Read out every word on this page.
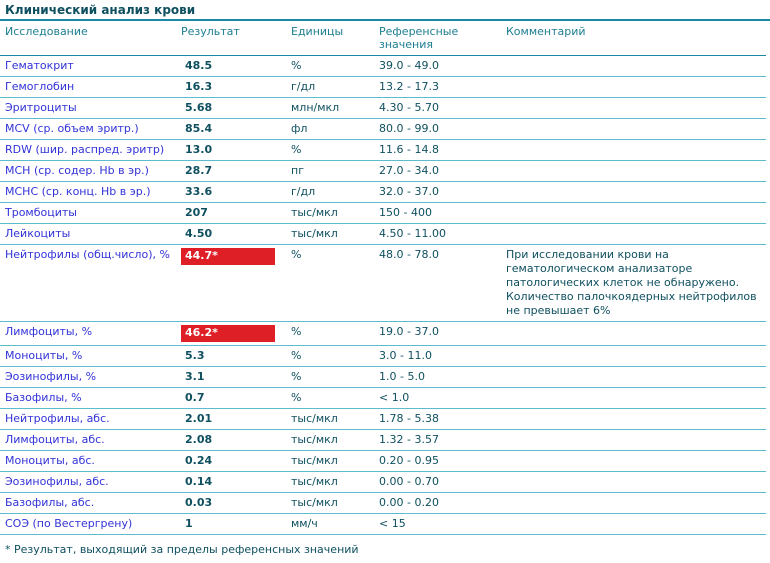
Клинический анализ крови
Исследование	Результат	Единицы	Референсные значения	Комментарий
Гематокрит	48.5	%	39.0 - 49.0	
Гемоглобин	16.3	г/дл	13.2 - 17.3	
Эритроциты	5.68	млн/мкл	4.30 - 5.70	
MCV (ср. объем эритр.)	85.4	фл	80.0 - 99.0	
RDW (шир. распред. эритр)	13.0	%	11.6 - 14.8	
MCH (ср. содер. Hb в эр.)	28.7	пг	27.0 - 34.0	
MCHC (ср. конц. Hb в эр.)	33.6	г/дл	32.0 - 37.0	
Тромбоциты	207	тыс/мкл	150 - 400	
Лейкоциты	4.50	тыс/мкл	4.50 - 11.00	
Нейтрофилы (общ.число), %	44.7*	%	48.0 - 78.0	При исследовании крови на гематологическом анализаторе патологических клеток не обнаружено. Количество палочкоядерных нейтрофилов не превышает 6%
Лимфоциты, %	46.2*	%	19.0 - 37.0	
Моноциты, %	5.3	%	3.0 - 11.0	
Эозинофилы, %	3.1	%	1.0 - 5.0	
Базофилы, %	0.7	%	< 1.0	
Нейтрофилы, абс.	2.01	тыс/мкл	1.78 - 5.38	
Лимфоциты, абс.	2.08	тыс/мкл	1.32 - 3.57	
Моноциты, абс.	0.24	тыс/мкл	0.20 - 0.95	
Эозинофилы, абс.	0.14	тыс/мкл	0.00 - 0.70	
Базофилы, абс.	0.03	тыс/мкл	0.00 - 0.20	
СОЭ (по Вестергрену)	1	мм/ч	< 15	
* Результат, выходящий за пределы референсных значений
